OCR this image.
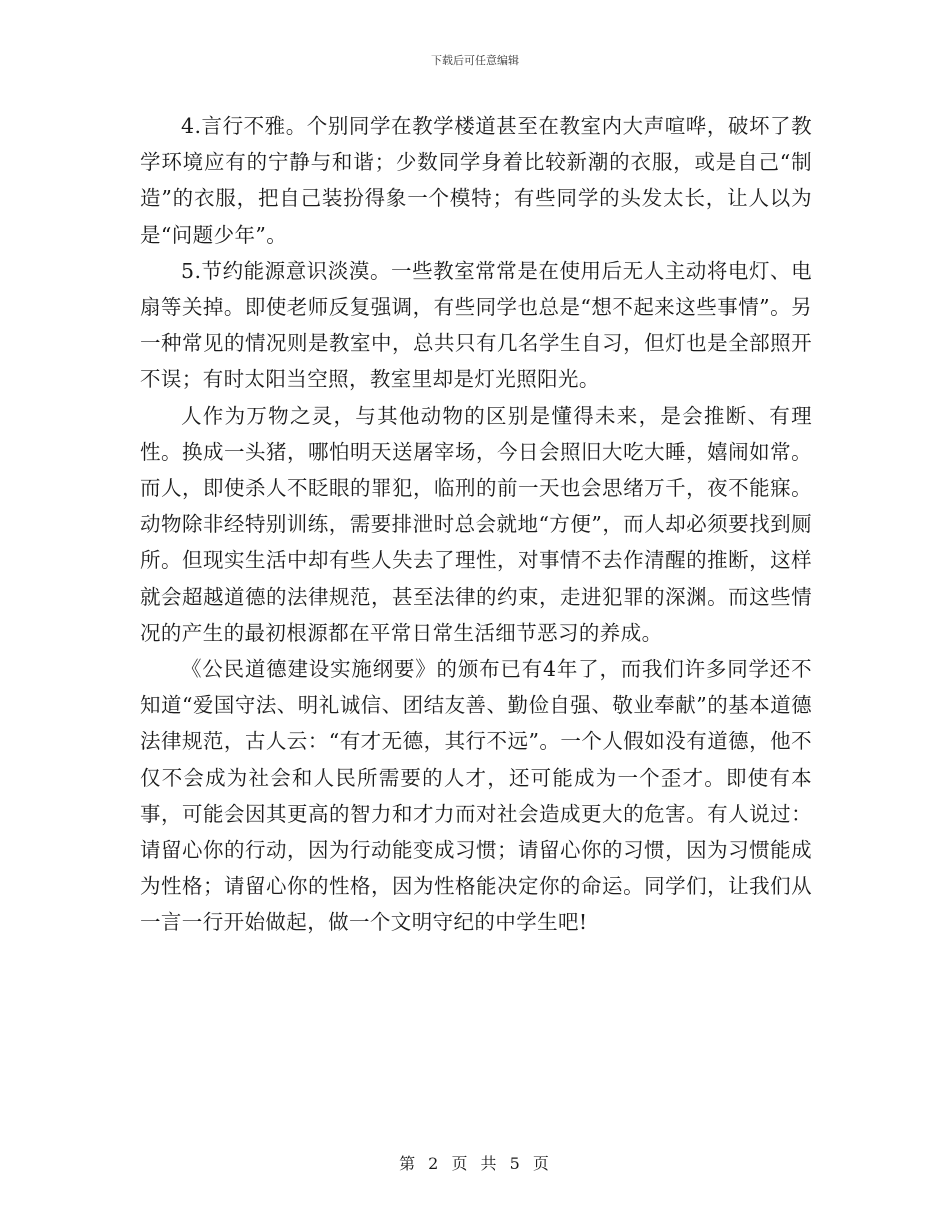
下载后可任意编辑

4.言行不雅。个别同学在教学楼道甚至在教室内大声喧哗，破坏了教学环境应有的宁静与和谐；少数同学身着比较新潮的衣服，或是自己“制造”的衣服，把自己装扮得象一个模特；有些同学的头发太长，让人以为是“问题少年”。

5.节约能源意识淡漠。一些教室常常是在使用后无人主动将电灯、电扇等关掉。即使老师反复强调，有些同学也总是“想不起来这些事情”。另一种常见的情况则是教室中，总共只有几名学生自习，但灯也是全部照开不误；有时太阳当空照，教室里却是灯光照阳光。

人作为万物之灵，与其他动物的区别是懂得未来，是会推断、有理性。换成一头猪，哪怕明天送屠宰场，今日会照旧大吃大睡，嬉闹如常。而人，即使杀人不眨眼的罪犯，临刑的前一天也会思绪万千，夜不能寐。动物除非经特别训练，需要排泄时总会就地“方便”，而人却必须要找到厕所。但现实生活中却有些人失去了理性，对事情不去作清醒的推断，这样就会超越道德的法律规范，甚至法律的约束，走进犯罪的深渊。而这些情况的产生的最初根源都在平常日常生活细节恶习的养成。

《公民道德建设实施纲要》的颁布已有4年了，而我们许多同学还不知道“爱国守法、明礼诚信、团结友善、勤俭自强、敬业奉献”的基本道德法律规范，古人云：“有才无德，其行不远”。一个人假如没有道德，他不仅不会成为社会和人民所需要的人才，还可能成为一个歪才。即使有本事，可能会因其更高的智力和才力而对社会造成更大的危害。有人说过：请留心你的行动，因为行动能变成习惯；请留心你的习惯，因为习惯能成为性格；请留心你的性格，因为性格能决定你的命运。同学们，让我们从一言一行开始做起，做一个文明守纪的中学生吧!

第 2 页 共 5 页
